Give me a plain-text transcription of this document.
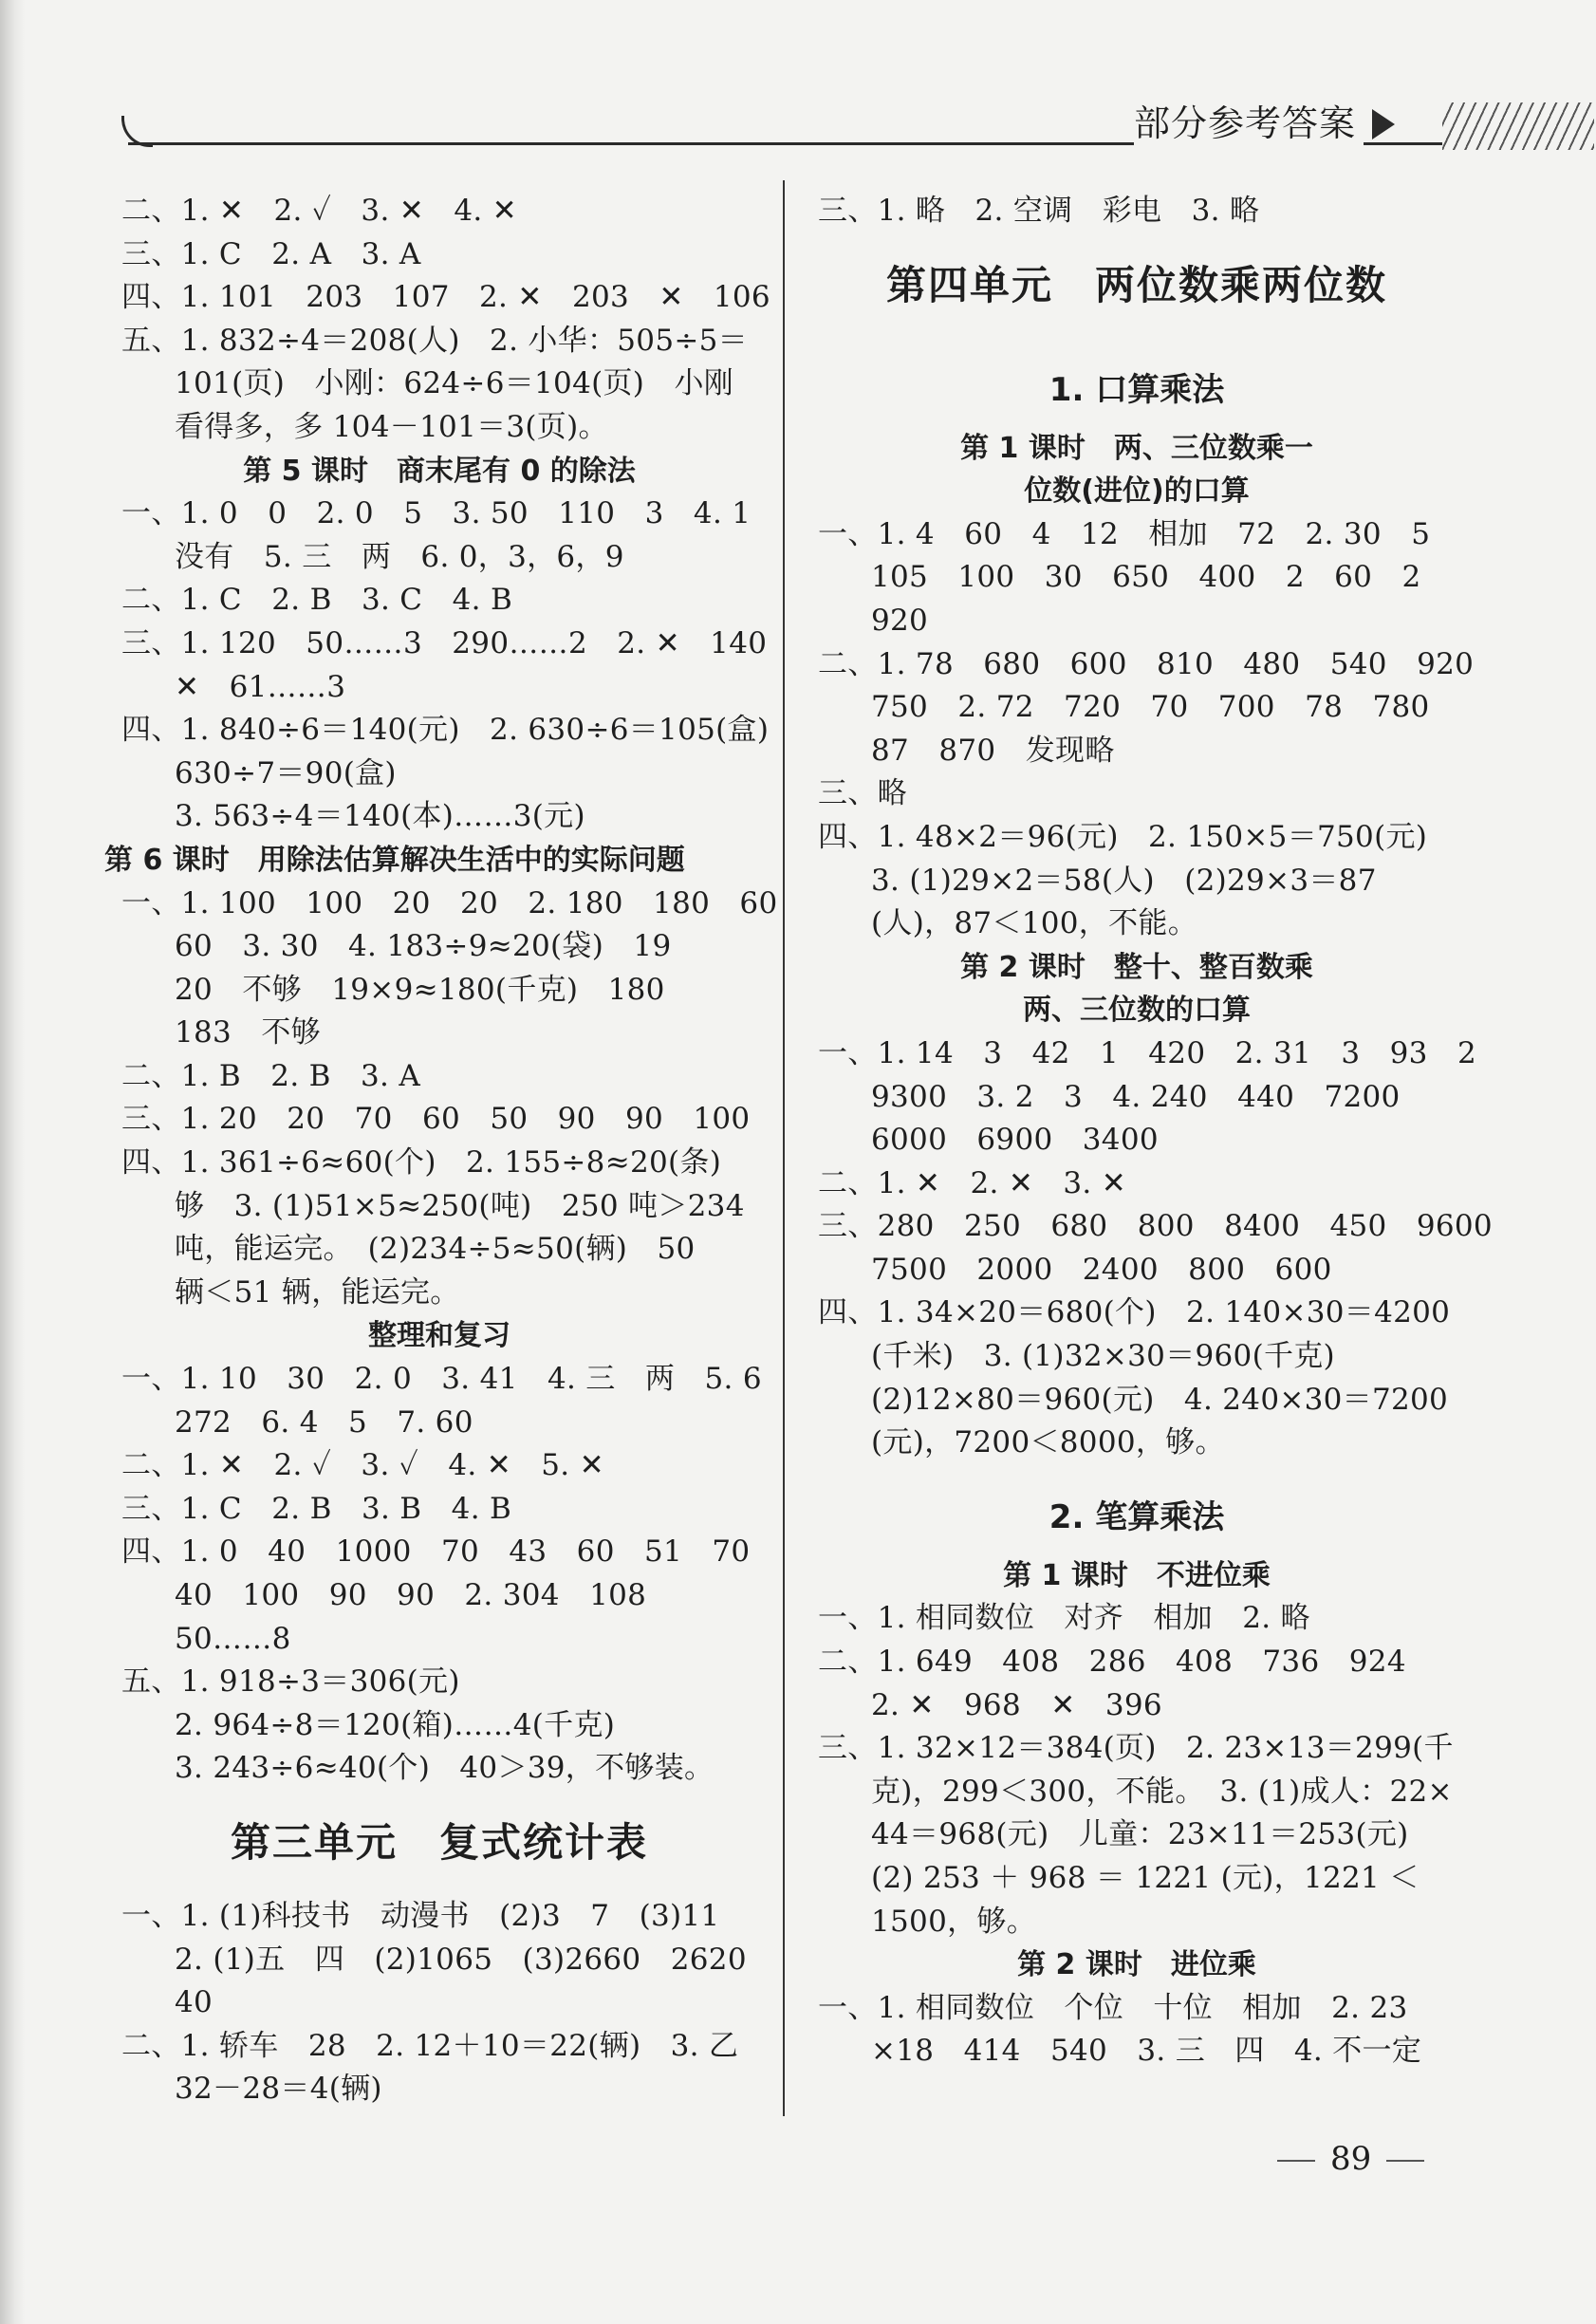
部分参考答案
二、1. ✕　2. ✓　3. ✕　4. ✕
三、1. C　2. A　3. A
四、1. 101　203　107　2. ✕　203　✕　106
五、1. 832÷4＝208(人)　2. 小华：505÷5＝
101(页)　小刚：624÷6＝104(页)　小刚
看得多，多 104－101＝3(页)。
第 5 课时　商末尾有 0 的除法
一、1. 0　0　2. 0　5　3. 50　110　3　4. 1
没有　5. 三　两　6. 0，3，6，9
二、1. C　2. B　3. C　4. B
三、1. 120　50……3　290……2　2. ✕　140
✕　61……3
四、1. 840÷6＝140(元)　2. 630÷6＝105(盒)
630÷7＝90(盒)
3. 563÷4＝140(本)……3(元)
第 6 课时　用除法估算解决生活中的实际问题
一、1. 100　100　20　20　2. 180　180　60
60　3. 30　4. 183÷9≈20(袋)　19
20　不够　19×9≈180(千克)　180
183　不够
二、1. B　2. B　3. A
三、1. 20　20　70　60　50　90　90　100
四、1. 361÷6≈60(个)　2. 155÷8≈20(条)
够　3. (1)51×5≈250(吨)　250 吨＞234
吨，能运完。　(2)234÷5≈50(辆)　50
辆＜51 辆，能运完。
整理和复习
一、1. 10　30　2. 0　3. 41　4. 三　两　5. 6
272　6. 4　5　7. 60
二、1. ✕　2. ✓　3. ✓　4. ✕　5. ✕
三、1. C　2. B　3. B　4. B
四、1. 0　40　1000　70　43　60　51　70
40　100　90　90　2. 304　108
50……8
五、1. 918÷3＝306(元)
2. 964÷8＝120(箱)……4(千克)
3. 243÷6≈40(个)　40＞39，不够装。
第三单元　复式统计表
一、1. (1)科技书　动漫书　(2)3　7　(3)11
2. (1)五　四　(2)1065　(3)2660　2620
40
二、1. 轿车　28　2. 12＋10＝22(辆)　3. 乙
32－28＝4(辆)
三、1. 略　2. 空调　彩电　3. 略
第四单元　两位数乘两位数
1. 口算乘法
第 1 课时　两、三位数乘一
位数(进位)的口算
一、1. 4　60　4　12　相加　72　2. 30　5
105　100　30　650　400　2　60　2
920
二、1. 78　680　600　810　480　540　920
750　2. 72　720　70　700　78　780
87　870　发现略
三、略
四、1. 48×2＝96(元)　2. 150×5＝750(元)
3. (1)29×2＝58(人)　(2)29×3＝87
(人)，87＜100，不能。
第 2 课时　整十、整百数乘
两、三位数的口算
一、1. 14　3　42　1　420　2. 31　3　93　2
9300　3. 2　3　4. 240　440　7200
6000　6900　3400
二、1. ✕　2. ✕　3. ✕
三、280　250　680　800　8400　450　9600
7500　2000　2400　800　600
四、1. 34×20＝680(个)　2. 140×30＝4200
(千米)　3. (1)32×30＝960(千克)
(2)12×80＝960(元)　4. 240×30＝7200
(元)，7200＜8000，够。
2. 笔算乘法
第 1 课时　不进位乘
一、1. 相同数位　对齐　相加　2. 略
二、1. 649　408　286　408　736　924
2. ✕　968　✕　396
三、1. 32×12＝384(页)　2. 23×13＝299(千
克)，299＜300，不能。　3. (1)成人：22×
44＝968(元)　儿童：23×11＝253(元)
(2) 253 ＋ 968 ＝ 1221 (元)，1221 ＜
1500，够。
第 2 课时　进位乘
一、1. 相同数位　个位　十位　相加　2. 23
×18　414　540　3. 三　四　4. 不一定
89
